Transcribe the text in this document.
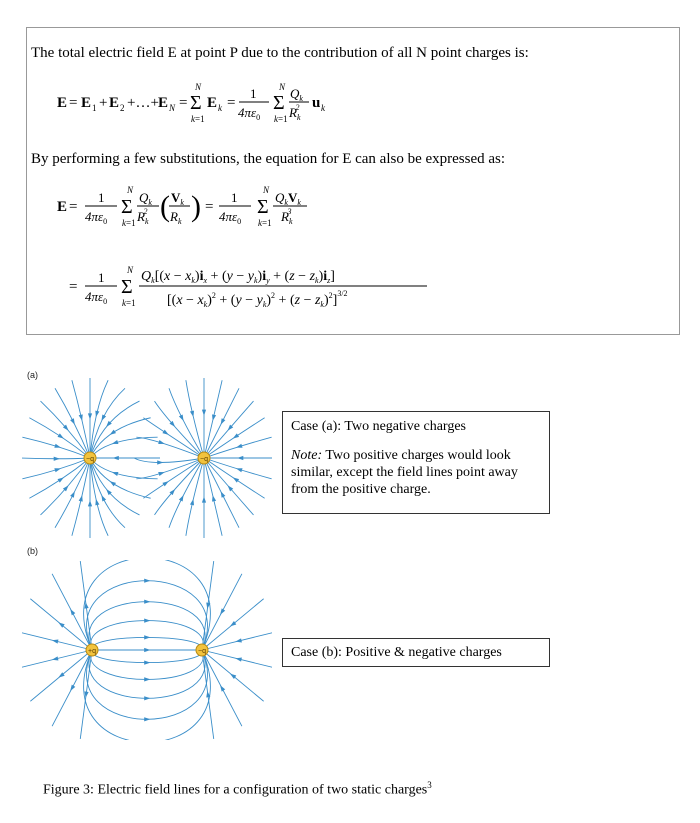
The total electric field E at point P due to the contribution of all N point charges is:
E = E 1 + E 2 +…+ E N =
N
Σ
k=1
E k =
1
$4\pi\varepsilon_0$
N
Σ
k=1
$Q_k$
$R_k2$ u k
By performing a few substitutions, the equation for E can also be expressed as:
E =
1
$4\pi\varepsilon_0$
N
Σ
k=1
$Q_k$
$R_k2$ ( $V_k$
$R_k$ ) =
1
$4\pi\varepsilon_0$
N
Σ
k=1
$Q_kV_k$
$R_k3$
=
1
$4\pi\varepsilon_0$
N
Σ
k=1
$Q_k[(x - x_k)i_x + (y - y_k)i_y + (z - z_k)i_z]$
$[(x - x_k)^2 + (y - y_k)^2 + (z - z_k)^2]^{3/2}$
(a)
−q	−q
Case (a): Two negative charges
Note: Two positive charges would look similar, except the field lines point away from the positive charge.
(b)
+q	−q	Case (b): Positive & negative charges
Figure 3: Electric field lines for a configuration of two static charges$^3$
